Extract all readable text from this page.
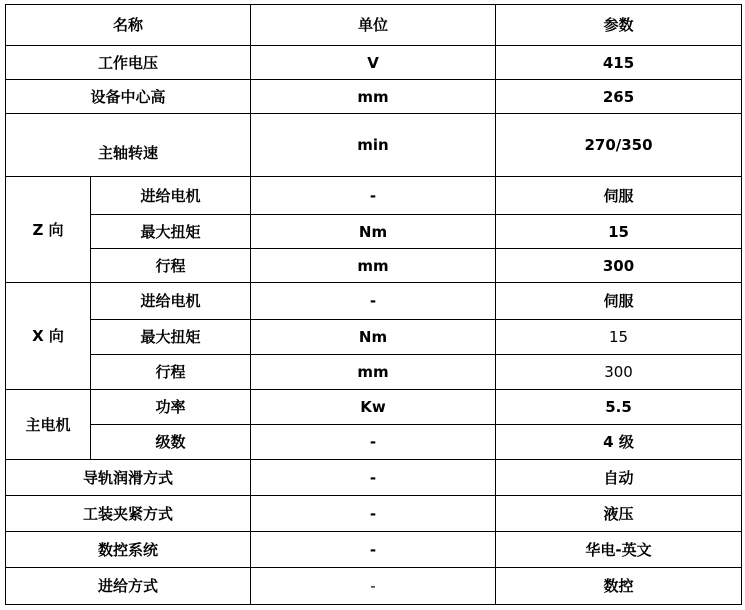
名称		单位	参数
工作电压		V	415
设备中心高		mm	265
主轴转速		min	270/350
Z 向	进给电机	-	伺服
	最大扭矩	Nm	15
	行程	mm	300
X 向	进给电机	-	伺服
	最大扭矩	Nm	15
	行程	mm	300
主电机	功率	Kw	5.5
	级数	-	4 级
导轨润滑方式		-	自动
工装夹紧方式		-	液压
数控系统		-	华电-英文
进给方式		-	数控
